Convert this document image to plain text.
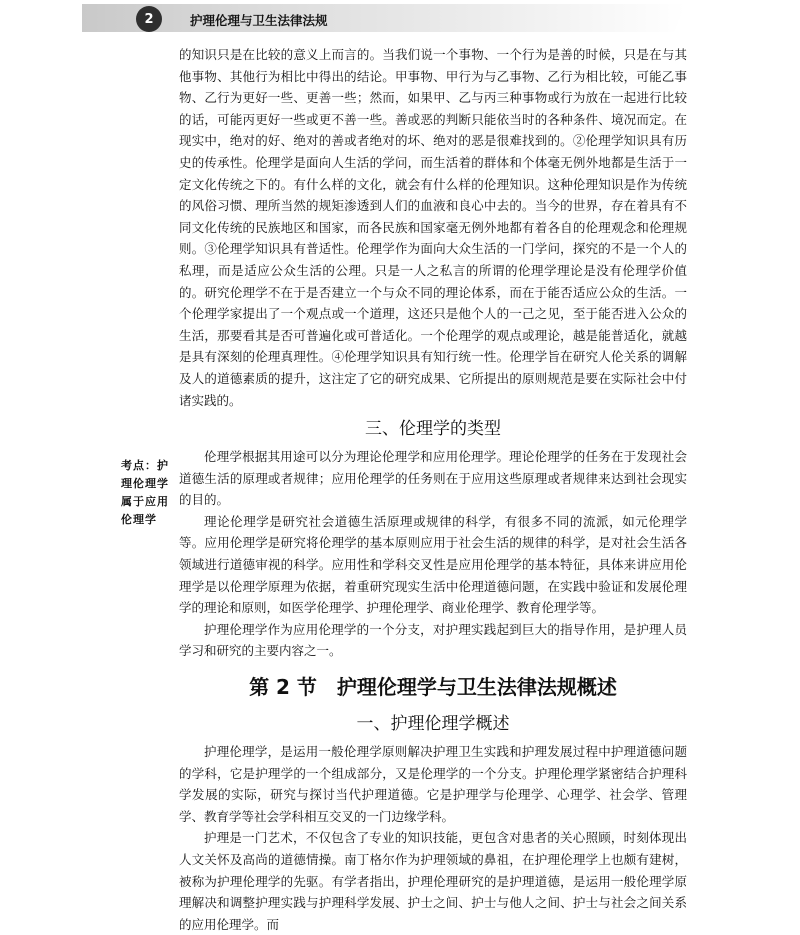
2	护理伦理与卫生法律法规

的知识只是在比较的意义上而言的。当我们说一个事物、一个行为是善的时候，只是在与其他事物、其他行为相比中得出的结论。甲事物、甲行为与乙事物、乙行为相比较，可能乙事物、乙行为更好一些、更善一些；然而，如果甲、乙与丙三种事物或行为放在一起进行比较的话，可能丙更好一些或更不善一些。善或恶的判断只能依当时的各种条件、境况而定。在现实中，绝对的好、绝对的善或者绝对的坏、绝对的恶是很难找到的。②伦理学知识具有历史的传承性。伦理学是面向人生活的学问，而生活着的群体和个体毫无例外地都是生活于一定文化传统之下的。有什么样的文化，就会有什么样的伦理知识。这种伦理知识是作为传统的风俗习惯、理所当然的规矩渗透到人们的血液和良心中去的。当今的世界，存在着具有不同文化传统的民族地区和国家，而各民族和国家毫无例外地都有着各自的伦理观念和伦理规则。③伦理学知识具有普适性。伦理学作为面向大众生活的一门学问，探究的不是一个人的私理，而是适应公众生活的公理。只是一人之私言的所谓的伦理学理论是没有伦理学价值的。研究伦理学不在于是否建立一个与众不同的理论体系，而在于能否适应公众的生活。一个伦理学家提出了一个观点或一个道理，这还只是他个人的一己之见，至于能否进入公众的生活，那要看其是否可普遍化或可普适化。一个伦理学的观点或理论，越是能普适化，就越是具有深刻的伦理真理性。④伦理学知识具有知行统一性。伦理学旨在研究人伦关系的调解及人的道德素质的提升，这注定了它的研究成果、它所提出的原则规范是要在实际社会中付诸实践的。

三、伦理学的类型

伦理学根据其用途可以分为理论伦理学和应用伦理学。理论伦理学的任务在于发现社会道德生活的原理或者规律；应用伦理学的任务则在于应用这些原理或者规律来达到社会现实的目的。

理论伦理学是研究社会道德生活原理或规律的科学，有很多不同的流派，如元伦理学等。应用伦理学是研究将伦理学的基本原则应用于社会生活的规律的科学，是对社会生活各领域进行道德审视的科学。应用性和学科交叉性是应用伦理学的基本特征，具体来讲应用伦理学是以伦理学原理为依据，着重研究现实生活中伦理道德问题，在实践中验证和发展伦理学的理论和原则，如医学伦理学、护理伦理学、商业伦理学、教育伦理学等。

护理伦理学作为应用伦理学的一个分支，对护理实践起到巨大的指导作用，是护理人员学习和研究的主要内容之一。

第 2 节　护理伦理学与卫生法律法规概述
一、护理伦理学概述

护理伦理学，是运用一般伦理学原则解决护理卫生实践和护理发展过程中护理道德问题的学科，它是护理学的一个组成部分，又是伦理学的一个分支。护理伦理学紧密结合护理科学发展的实际，研究与探讨当代护理道德。它是护理学与伦理学、心理学、社会学、管理学、教育学等社会学科相互交叉的一门边缘学科。

护理是一门艺术，不仅包含了专业的知识技能，更包含对患者的关心照顾，时刻体现出人文关怀及高尚的道德情操。南丁格尔作为护理领域的鼻祖，在护理伦理学上也颇有建树，被称为护理伦理学的先驱。有学者指出，护理伦理研究的是护理道德，是运用一般伦理学原理解决和调整护理实践与护理科学发展、护士之间、护士与他人之间、护士与社会之间关系的应用伦理学。而

考点：护理伦理学属于应用伦理学
